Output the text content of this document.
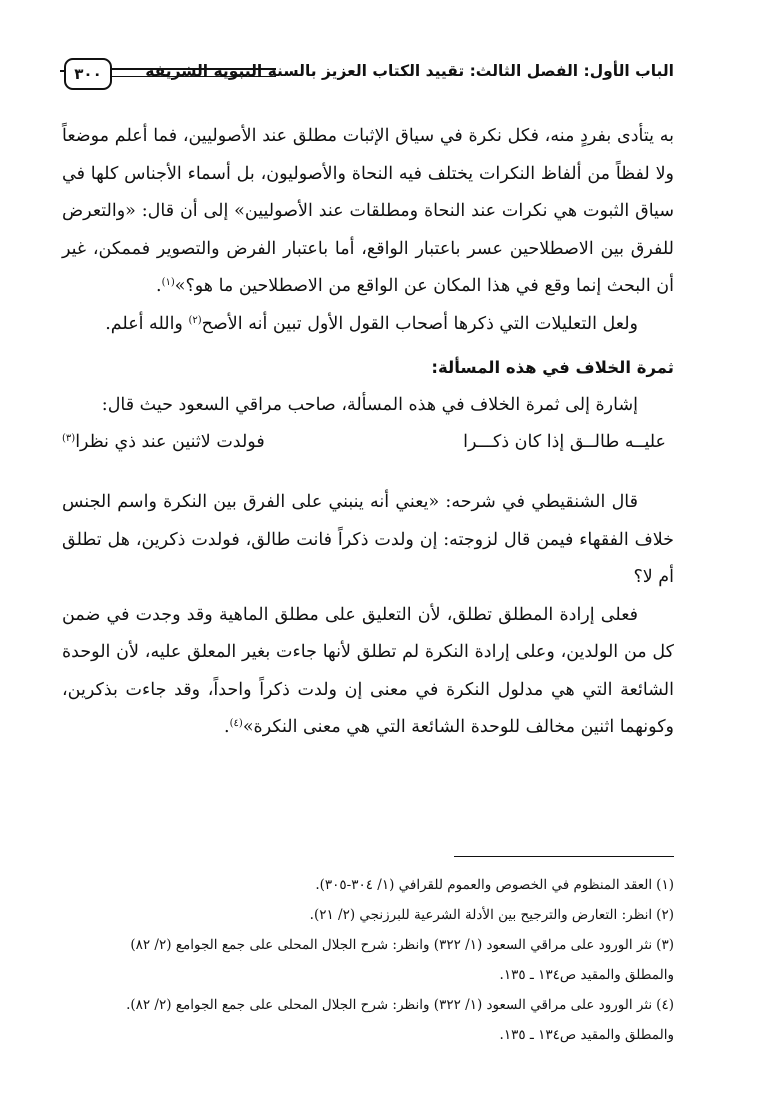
الباب الأول: الفصل الثالث: تقييد الكتاب العزيز بالسنة النبوية الشريفة
٣٠٠

به يتأدى بفردٍ منه، فكل نكرة في سياق الإثبات مطلق عند الأصوليين، فما أعلم موضعاً ولا لفظاً من ألفاظ النكرات يختلف فيه النحاة والأصوليون، بل أسماء الأجناس كلها في سياق الثبوت هي نكرات عند النحاة ومطلقات عند الأصوليين» إلى أن قال: «والتعرض للفرق بين الاصطلاحين عسر باعتبار الواقع، أما باعتبار الفرض والتصوير فممكن، غير أن البحث إنما وقع في هذا المكان عن الواقع من الاصطلاحين ما هو؟»$^{(١)}$.

ولعل التعليلات التي ذكرها أصحاب القول الأول تبين أنه الأصح$^{(٢)}$ والله أعلم.

ثمرة الخلاف في هذه المسألة:

إشارة إلى ثمرة الخلاف في هذه المسألة، صاحب مراقي السعود حيث قال:

عليــه طالــق إذا كان ذكـــرا
فولدت لاثنين عند ذي نظرا$^{(٣)}$

قال الشنقيطي في شرحه: «يعني أنه ينبني على الفرق بين النكرة واسم الجنس خلاف الفقهاء فيمن قال لزوجته: إن ولدت ذكراً فانت طالق، فولدت ذكرين، هل تطلق أم لا؟

فعلى إرادة المطلق تطلق، لأن التعليق على مطلق الماهية وقد وجدت في ضمن كل من الولدين، وعلى إرادة النكرة لم تطلق لأنها جاءت بغير المعلق عليه، لأن الوحدة الشائعة التي هي مدلول النكرة في معنى إن ولدت ذكراً واحداً، وقد جاءت بذكرين، وكونهما اثنين مخالف للوحدة الشائعة التي هي معنى النكرة»$^{(٤)}$.

(١)العقد المنظوم في الخصوص والعموم للقرافي (١/ ٣٠٤-٣٠٥).

(٢)انظر: التعارض والترجيح بين الأدلة الشرعية للبرزنجي (٢/ ٢١).

(٣)نثر الورود على مراقي السعود (١/ ٣٢٢) وانظر: شرح الجلال المحلى على جمع الجوامع (٢/ ٨٢)

والمطلق والمقيد ص١٣٤ ـ ١٣٥.

(٤)نثر الورود على مراقي السعود (١/ ٣٢٢) وانظر: شرح الجلال المحلى على جمع الجوامع (٢/ ٨٢).

والمطلق والمقيد ص١٣٤ ـ ١٣٥.
